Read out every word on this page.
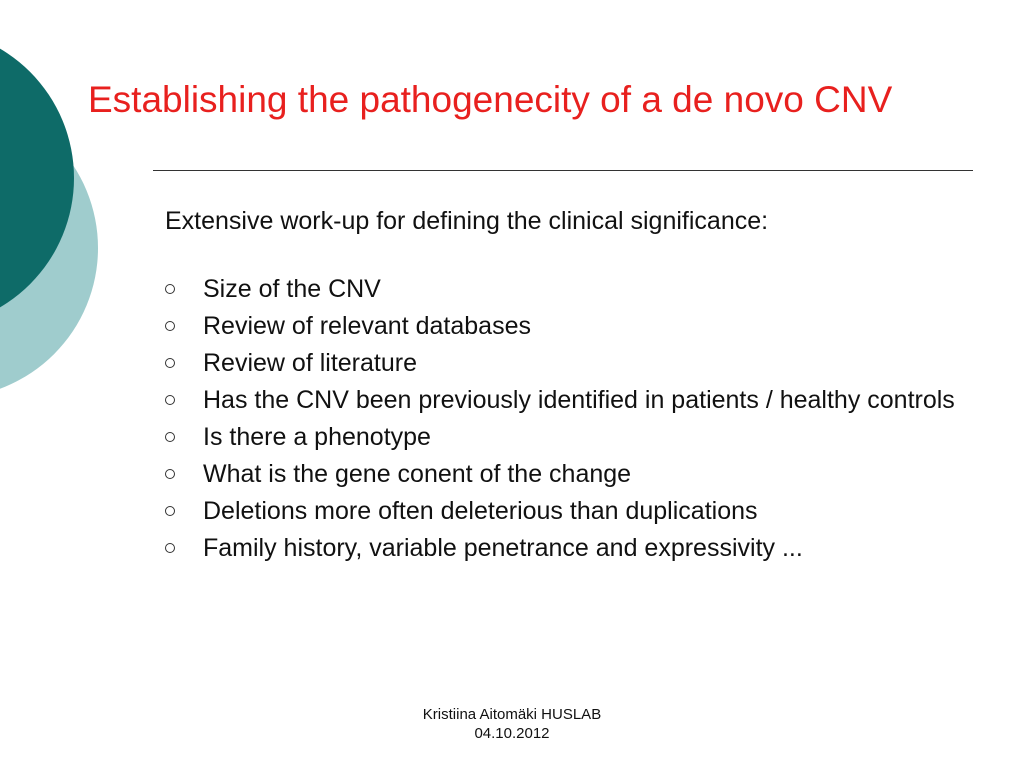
Establishing the pathogenecity of a de novo CNV

Extensive work-up for defining the clinical significance:

Size of the CNV
Review of relevant databases
Review of literature
Has the CNV been previously identified in patients / healthy controls
Is there a phenotype
What is the gene conent of the change
Deletions more often deleterious than duplications
Family history, variable penetrance and expressivity ...
Kristiina Aitomäki HUSLAB
04.10.2012
